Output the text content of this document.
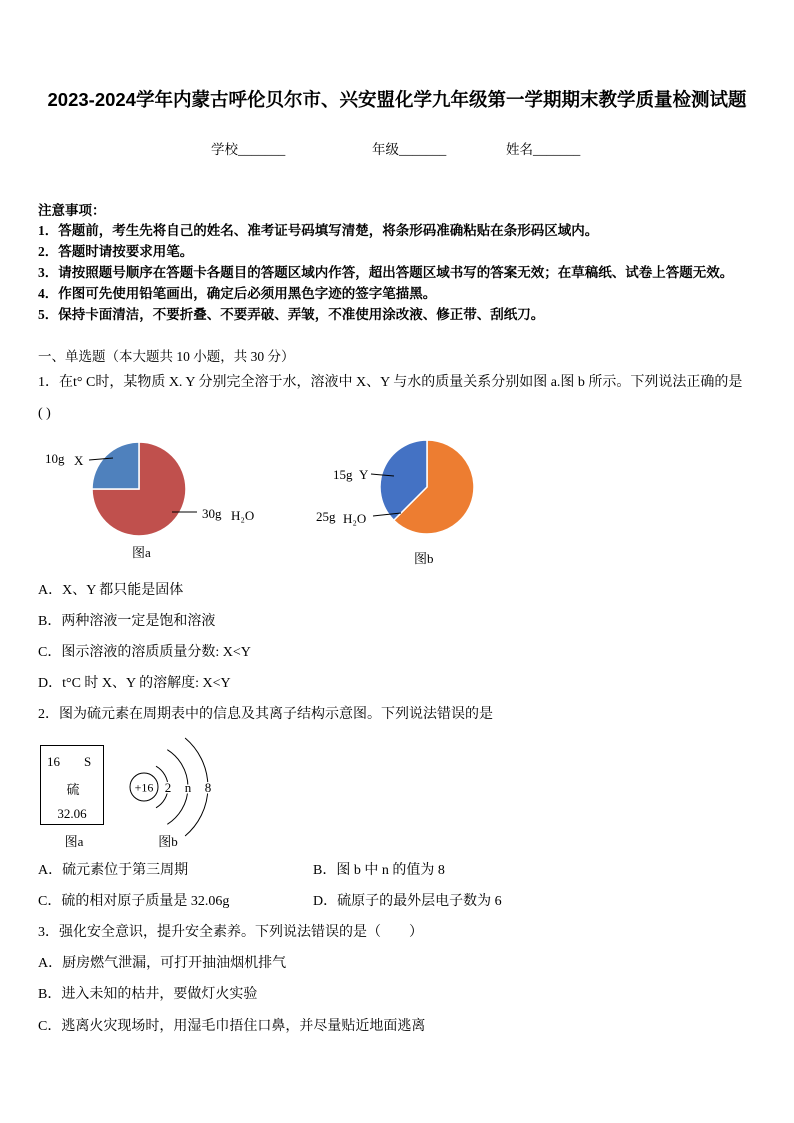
2023-2024学年内蒙古呼伦贝尔市、兴安盟化学九年级第一学期期末教学质量检测试题
学校_______	年级_______	姓名_______
注意事项：
1．答题前，考生先将自己的姓名、准考证号码填写清楚，将条形码准确粘贴在条形码区域内。
2．答题时请按要求用笔。
3．请按照题号顺序在答题卡各题目的答题区域内作答，超出答题区域书写的答案无效；在草稿纸、试卷上答题无效。
4．作图可先使用铅笔画出，确定后必须用黑色字迹的签字笔描黑。
5．保持卡面清洁，不要折叠、不要弄破、弄皱，不准使用涂改液、修正带、刮纸刀。
一、单选题（本大题共 10 小题，共 30 分）
1．在t° C时，某物质 X. Y 分别完全溶于水，溶液中 X、Y 与水的质量关系分别如图 a.图 b 所示。下列说法正确的是
( )
10g X
30g H₂O
图a
15g Y
25g H₂O
图b
A．X、Y 都只能是固体
B．两种溶液一定是饱和溶液
C．图示溶液的溶质质量分数: X<Y
D．t°C 时 X、Y 的溶解度: X<Y
2．图为硫元素在周期表中的信息及其离子结构示意图。下列说法错误的是
16 S
硫
32.06
图a
+16 2 n 8
图b
A．硫元素位于第三周期	B．图 b 中 n 的值为 8
C．硫的相对原子质量是 32.06g	D．硫原子的最外层电子数为 6
3．强化安全意识，提升安全素养。下列说法错误的是（　　）
A．厨房燃气泄漏，可打开抽油烟机排气
B．进入未知的枯井，要做灯火实验
C．逃离火灾现场时，用湿毛巾捂住口鼻，并尽量贴近地面逃离
